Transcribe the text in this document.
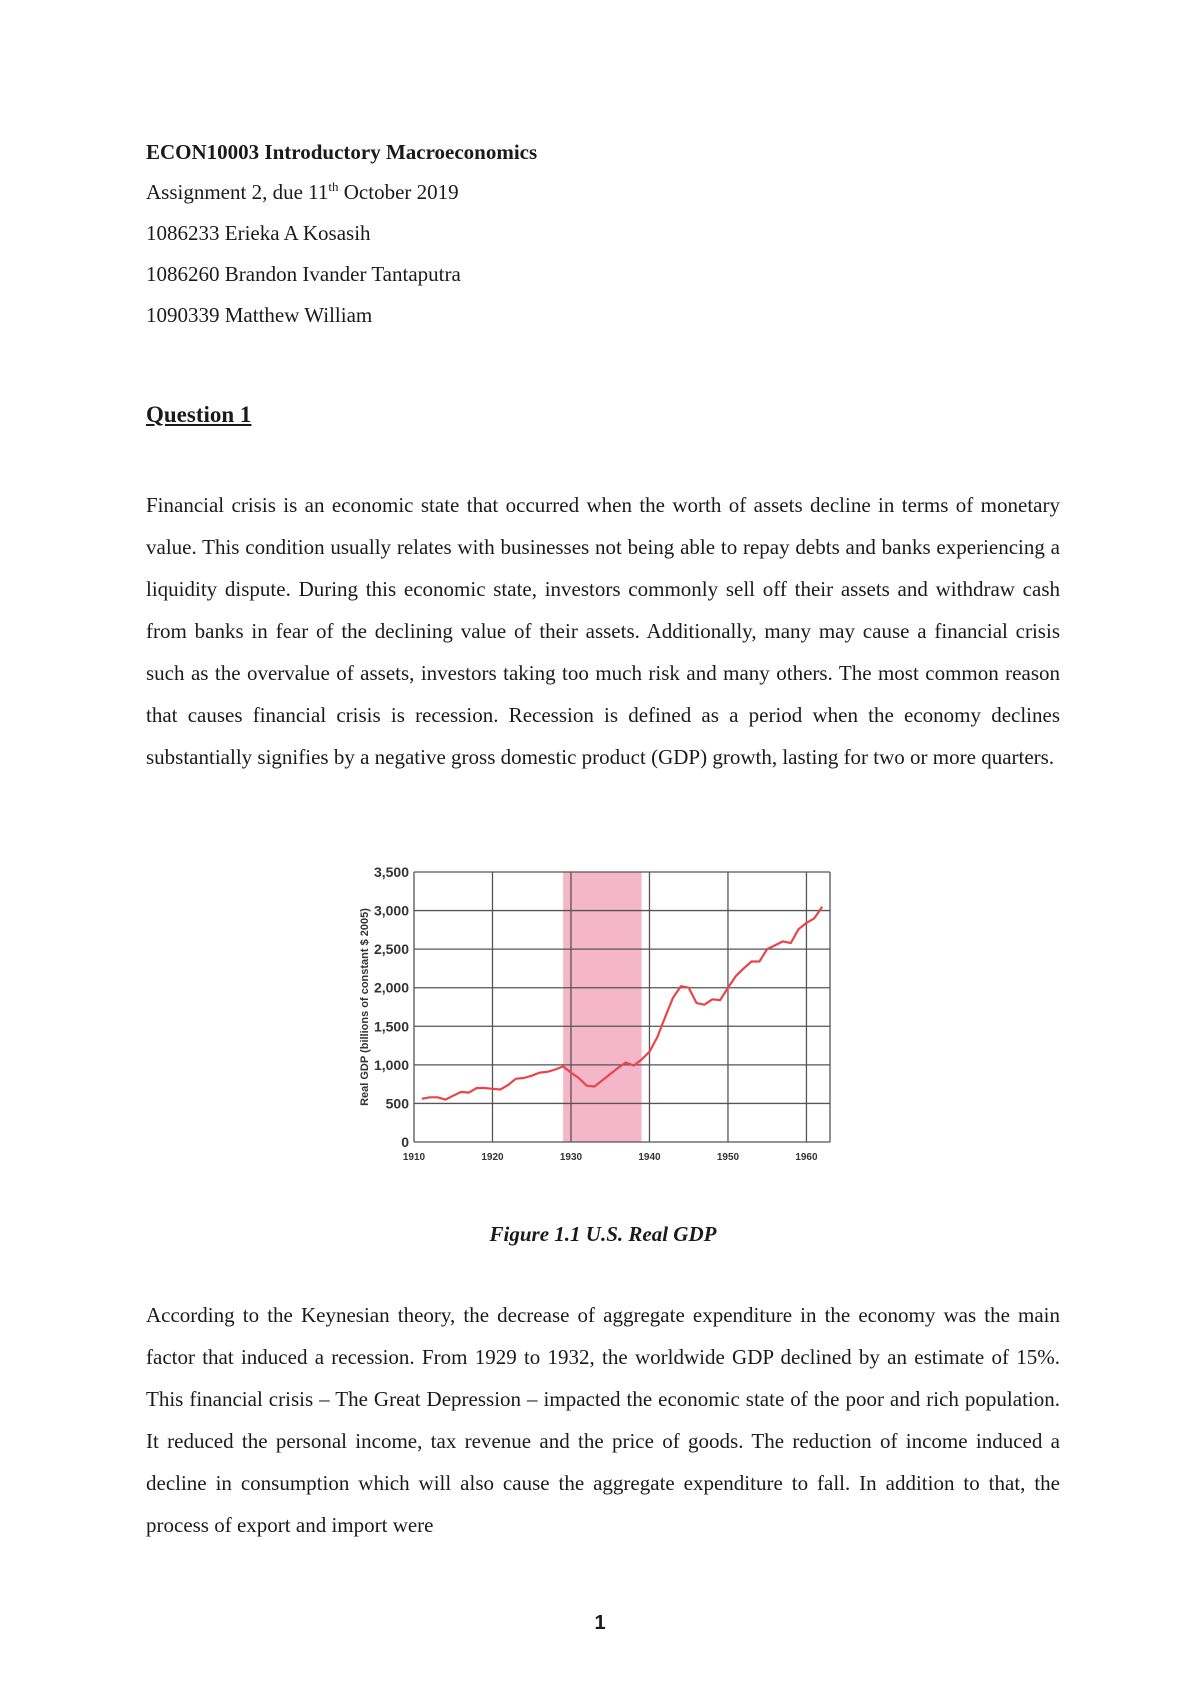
ECON10003 Introductory Macroeconomics

Assignment 2, due 11th October 2019

1086233 Erieka A Kosasih

1086260 Brandon Ivander Tantaputra

1090339 Matthew William

Question 1

Financial crisis is an economic state that occurred when the worth of assets decline in terms of monetary value. This condition usually relates with businesses not being able to repay debts and banks experiencing a liquidity dispute. During this economic state, investors commonly sell off their assets and withdraw cash from banks in fear of the declining value of their assets. Additionally, many may cause a financial crisis such as the overvalue of assets, investors taking too much risk and many others. The most common reason that causes financial crisis is recession. Recession is defined as a period when the economy declines substantially signifies by a negative gross domestic product (GDP) growth, lasting for two or more quarters.

0
500
1,000
1,500
2,000
2,500
3,000
3,500
1910	1920	1930	1940	1950	1960
Real GDP (billions of constant $ 2005)

Figure 1.1 U.S. Real GDP

According to the Keynesian theory, the decrease of aggregate expenditure in the economy was the main factor that induced a recession. From 1929 to 1932, the worldwide GDP declined by an estimate of 15%. This financial crisis – The Great Depression – impacted the economic state of the poor and rich population. It reduced the personal income, tax revenue and the price of goods. The reduction of income induced a decline in consumption which will also cause the aggregate expenditure to fall. In addition to that, the process of export and import were

1
